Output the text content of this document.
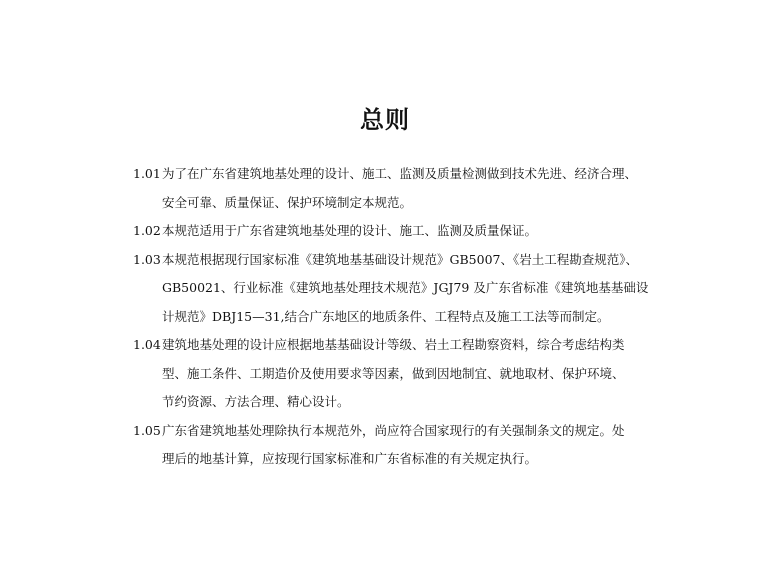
总则
1.01 为了在广东省建筑地基处理的设计、施工、监测及质量检测做到技术先进、经济合理、
安全可靠、质量保证、保护环境制定本规范。
1.02 本规范适用于广东省建筑地基处理的设计、施工、监测及质量保证。
1.03 本规范根据现行国家标准《建筑地基基础设计规范》GB5007、《岩土工程勘查规范》、
GB50021、行业标准《建筑地基处理技术规范》JGJ79 及广东省标准《建筑地基基础设
计规范》DBJ15—31,结合广东地区的地质条件、工程特点及施工工法等而制定。
1.04 建筑地基处理的设计应根据地基基础设计等级、岩土工程勘察资料，综合考虑结构类
型、施工条件、工期造价及使用要求等因素，做到因地制宜、就地取材、保护环境、
节约资源、方法合理、精心设计。
1.05 广东省建筑地基处理除执行本规范外，尚应符合国家现行的有关强制条文的规定。处
理后的地基计算，应按现行国家标准和广东省标准的有关规定执行。
